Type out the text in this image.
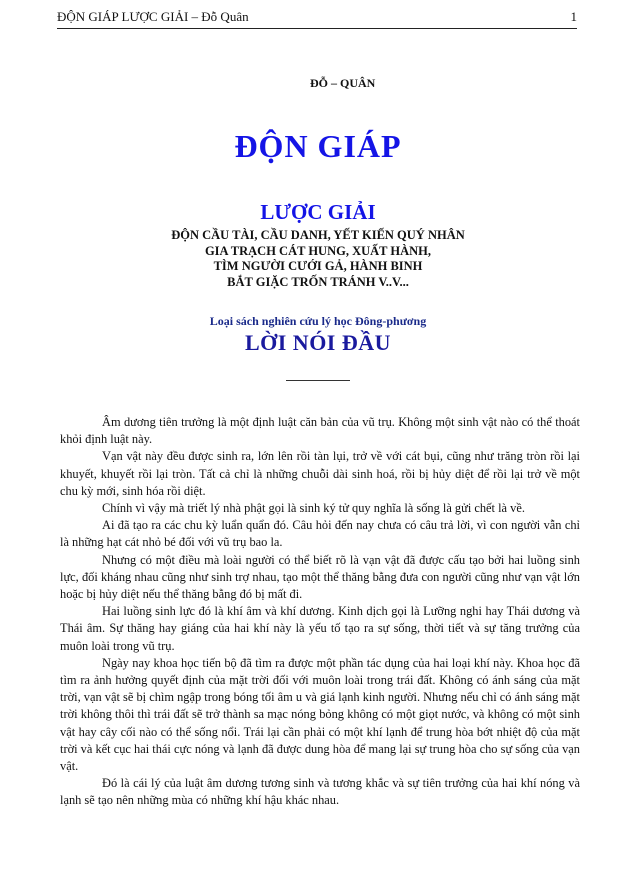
ĐỘN GIÁP LƯỢC GIẢI – Đỗ Quân	1
ĐỖ – QUÂN
ĐỘN GIÁP
LƯỢC GIẢI
ĐỘN CẦU TÀI, CẦU DANH, YẾT KIẾN QUÝ NHÂN
GIA TRẠCH CÁT HUNG, XUẤT HÀNH,
TÌM NGƯỜI CƯỚI GẢ, HÀNH BINH
BẮT GIẶC TRỐN TRÁNH V..V...
Loại sách nghiên cứu lý học Đông-phương
LỜI NÓI ĐẦU

Âm dương tiên trưởng là một định luật căn bản của vũ trụ. Không một sinh vật nào có thể thoát khỏi định luật này.

Vạn vật này đều được sinh ra, lớn lên rồi tàn lụi, trở về với cát bụi, cũng như trăng tròn rồi lại khuyết, khuyết rồi lại tròn. Tất cả chỉ là những chuỗi dài sinh hoá, rồi bị hủy diệt để rồi lại trở về một chu kỳ mới, sinh hóa rồi diệt.

Chính vì vậy mà triết lý nhà phật gọi là sinh ký tử quy nghĩa là sống là gửi chết là về.

Ai đã tạo ra các chu kỳ luẩn quẩn đó. Câu hỏi đến nay chưa có câu trả lời, vì con người vẫn chỉ là những hạt cát nhỏ bé đối với vũ trụ bao la.

Nhưng có một điều mà loài người có thể biết rõ là vạn vật đã được cấu tạo bởi hai luồng sinh lực, đối kháng nhau cũng như sinh trợ nhau, tạo một thể thăng bằng đưa con người cũng như vạn vật lớn hoặc bị hủy diệt nếu thể thăng bằng đó bị mất đi.

Hai luồng sinh lực đó là khí âm và khí dương. Kinh dịch gọi là Lưỡng nghi hay Thái dương và Thái âm. Sự thăng hay giáng của hai khí này là yếu tố tạo ra sự sống, thời tiết và sự tăng trưởng của muôn loài trong vũ trụ.

Ngày nay khoa học tiến bộ đã tìm ra được một phần tác dụng của hai loại khí này. Khoa học đã tìm ra ảnh hưởng quyết định của mặt trời đối với muôn loài trong trái đất. Không có ánh sáng của mặt trời, vạn vật sẽ bị chìm ngập trong bóng tối âm u và giá lạnh kinh người. Nhưng nếu chỉ có ánh sáng mặt trời không thôi thì trái đất sẽ trở thành sa mạc nóng bỏng không có một giọt nước, và không có một sinh vật hay cây cối nào có thể sống nổi. Trái lại cần phải có một khí lạnh để trung hòa bớt nhiệt độ của mặt trời và kết cục hai thái cực nóng và lạnh đã được dung hòa để mang lại sự trung hòa cho sự sống của vạn vật.

Đó là cái lý của luật âm dương tương sinh và tương khắc và sự tiên trưởng của hai khí nóng và lạnh sẽ tạo nên những mùa có những khí hậu khác nhau.
